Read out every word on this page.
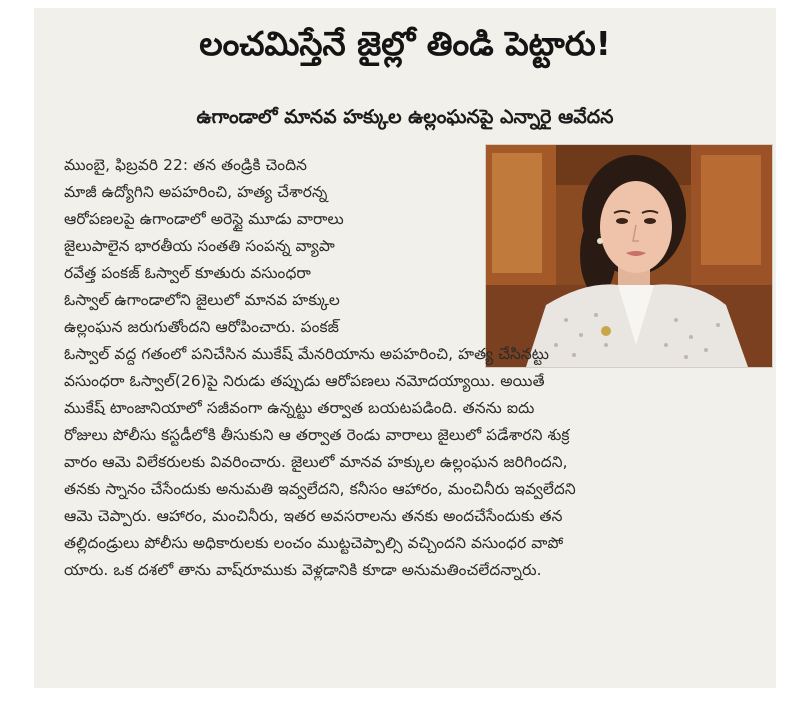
లంచమిస్తేనే జైల్లో తిండి పెట్టారు!
ఉగాండాలో మానవ హక్కుల ఉల్లంఘనపై ఎన్నారై ఆవేదన
ముంబై, ఫిబ్రవరి 22: తన తండ్రికి చెందిన
మాజీ ఉద్యోగిని అపహరించి, హత్య చేశారన్న
ఆరోపణలపై ఉగాండాలో అరెస్టై మూడు వారాలు
జైలుపాలైన భారతీయ సంతతి సంపన్న వ్యాపా
రవేత్త పంకజ్ ఓస్వాల్ కూతురు వసుంధరా
ఓస్వాల్ ఉగాండాలోని జైలులో మానవ హక్కుల
ఉల్లంఘన జరుగుతోందని ఆరోపించారు. పంకజ్
ఓస్వాల్ వద్ద గతంలో పనిచేసిన ముకేష్ మేనరియాను అపహరించి, హత్య చేసినట్టు
వసుంధరా ఓస్వాల్(26)పై నిరుడు తప్పుడు ఆరోపణలు నమోదయ్యాయి. అయితే
ముకేష్ టాంజానియాలో సజీవంగా ఉన్నట్టు తర్వాత బయటపడింది. తనను ఐదు
రోజులు పోలీసు కస్టడీలోకి తీసుకుని ఆ తర్వాత రెండు వారాలు జైలులో పడేశారని శుక్ర
వారం ఆమె విలేకరులకు వివరించారు. జైలులో మానవ హక్కుల ఉల్లంఘన జరిగిందని,
తనకు స్నానం చేసేందుకు అనుమతి ఇవ్వలేదని, కనీసం ఆహారం, మంచినీరు ఇవ్వలేదని
ఆమె చెప్పారు. ఆహారం, మంచినీరు, ఇతర అవసరాలను తనకు అందచేసేందుకు తన
తల్లిదండ్రులు పోలీసు అధికారులకు లంచం ముట్టచెప్పాల్సి వచ్చిందని వసుంధర వాపో
యారు. ఒక దశలో తాను వాష్‌రూముకు వెళ్లడానికి కూడా అనుమతించలేదన్నారు.
